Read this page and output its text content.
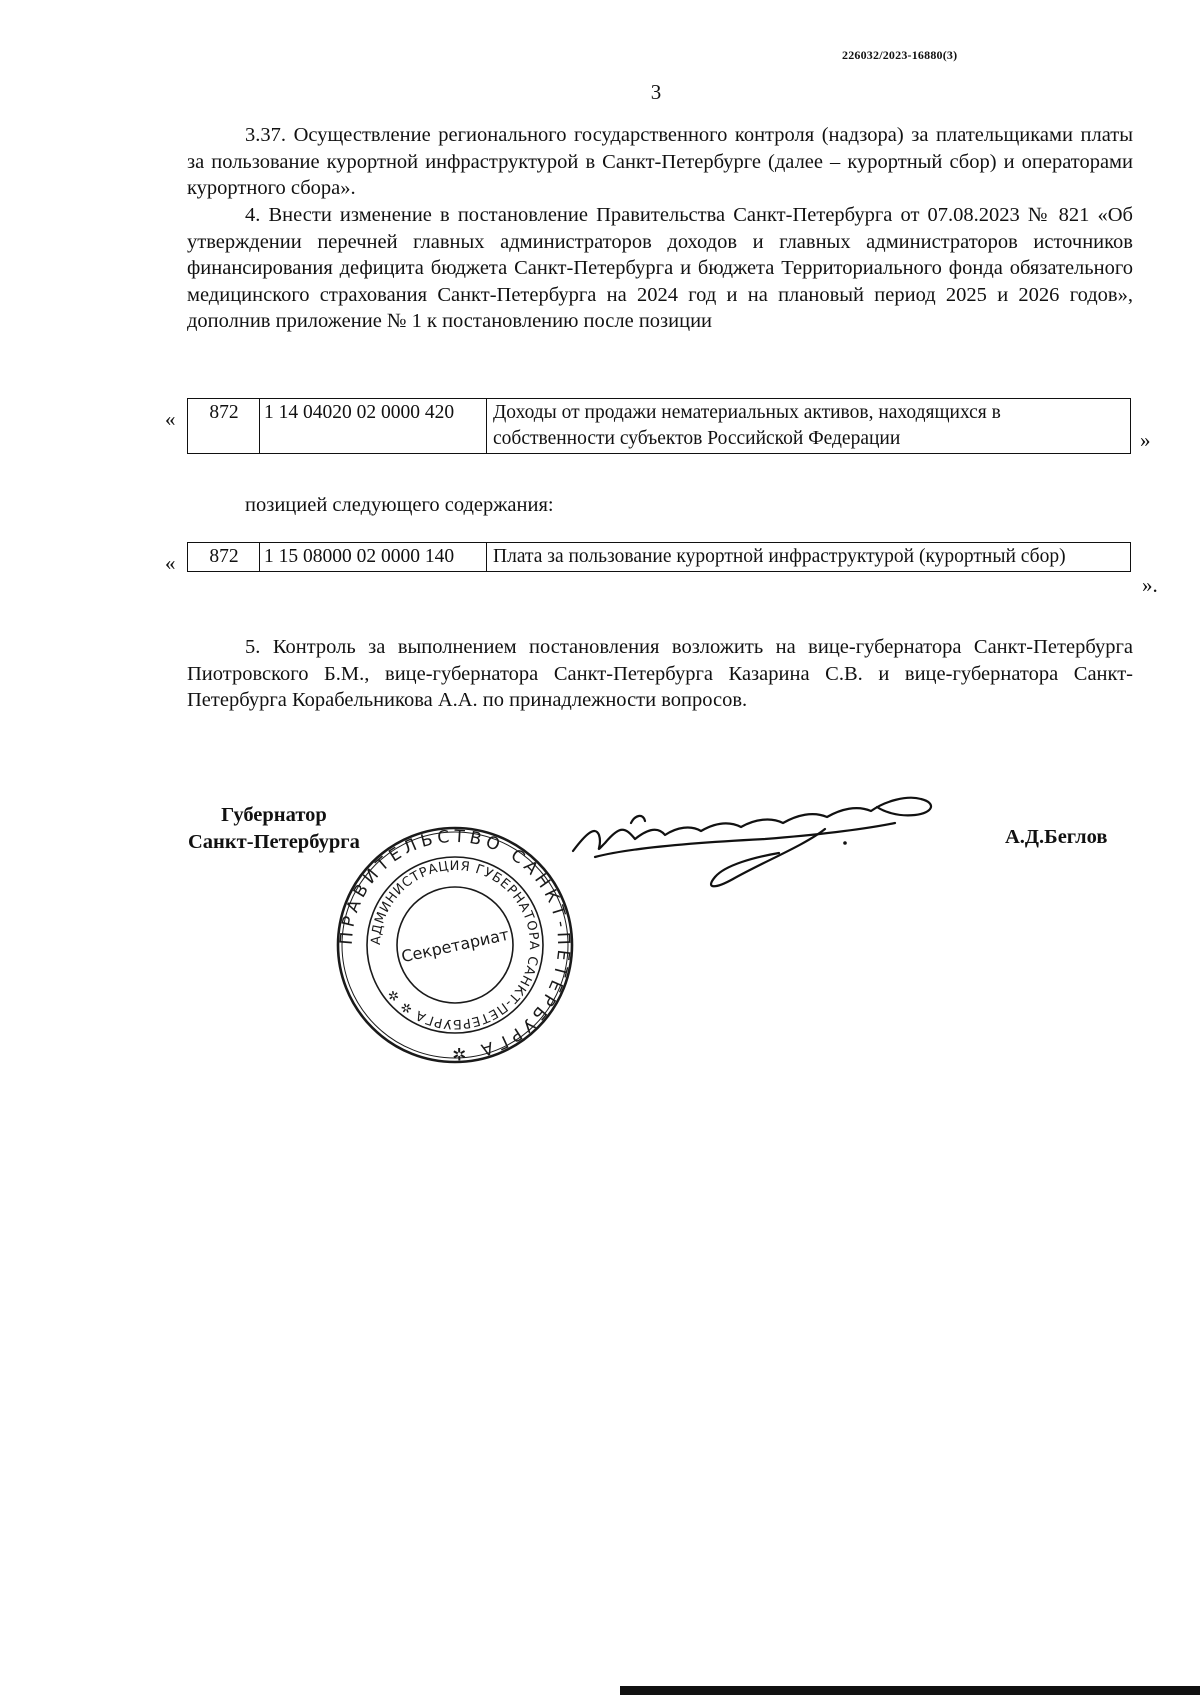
226032/2023-16880(3)
3
3.37. Осуществление регионального государственного контроля (надзора) за плательщиками платы за пользование курортной инфраструктурой в Санкт-Петербурге (далее – курортный сбор) и операторами курортного сбора».
4. Внести изменение в постановление Правительства Санкт-Петербурга от 07.08.2023 № 821 «Об утверждении перечней главных администраторов доходов и главных администраторов источников финансирования дефицита бюджета Санкт-Петербурга и бюджета Территориального фонда обязательного медицинского страхования Санкт-Петербурга на 2024 год и на плановый период 2025 и 2026 годов», дополнив приложение № 1 к постановлению после позиции
« 872	1 14 04020 02 0000 420	Доходы от продажи нематериальных активов, находящихся в собственности субъектов Российской Федерации	»
позицией следующего содержания:
« 872	1 15 08000 02 0000 140	Плата за пользование курортной инфраструктурой (курортный сбор)
».
5. Контроль за выполнением постановления возложить на вице-губернатора Санкт-Петербурга Пиотровского Б.М., вице-губернатора Санкт-Петербурга Казарина С.В. и вице-губернатора Санкт-Петербурга Корабельникова А.А. по принадлежности вопросов.
Губернатор
Санкт-Петербурга	А.Д.Беглов
ПРАВИТЕЛЬСТВО САНКТ-ПЕТЕРБУРГА ✲
АДМИНИСТРАЦИЯ ГУБЕРНАТОРА САНКТ-ПЕТЕРБУРГА ✲ ✲
Секретариат
